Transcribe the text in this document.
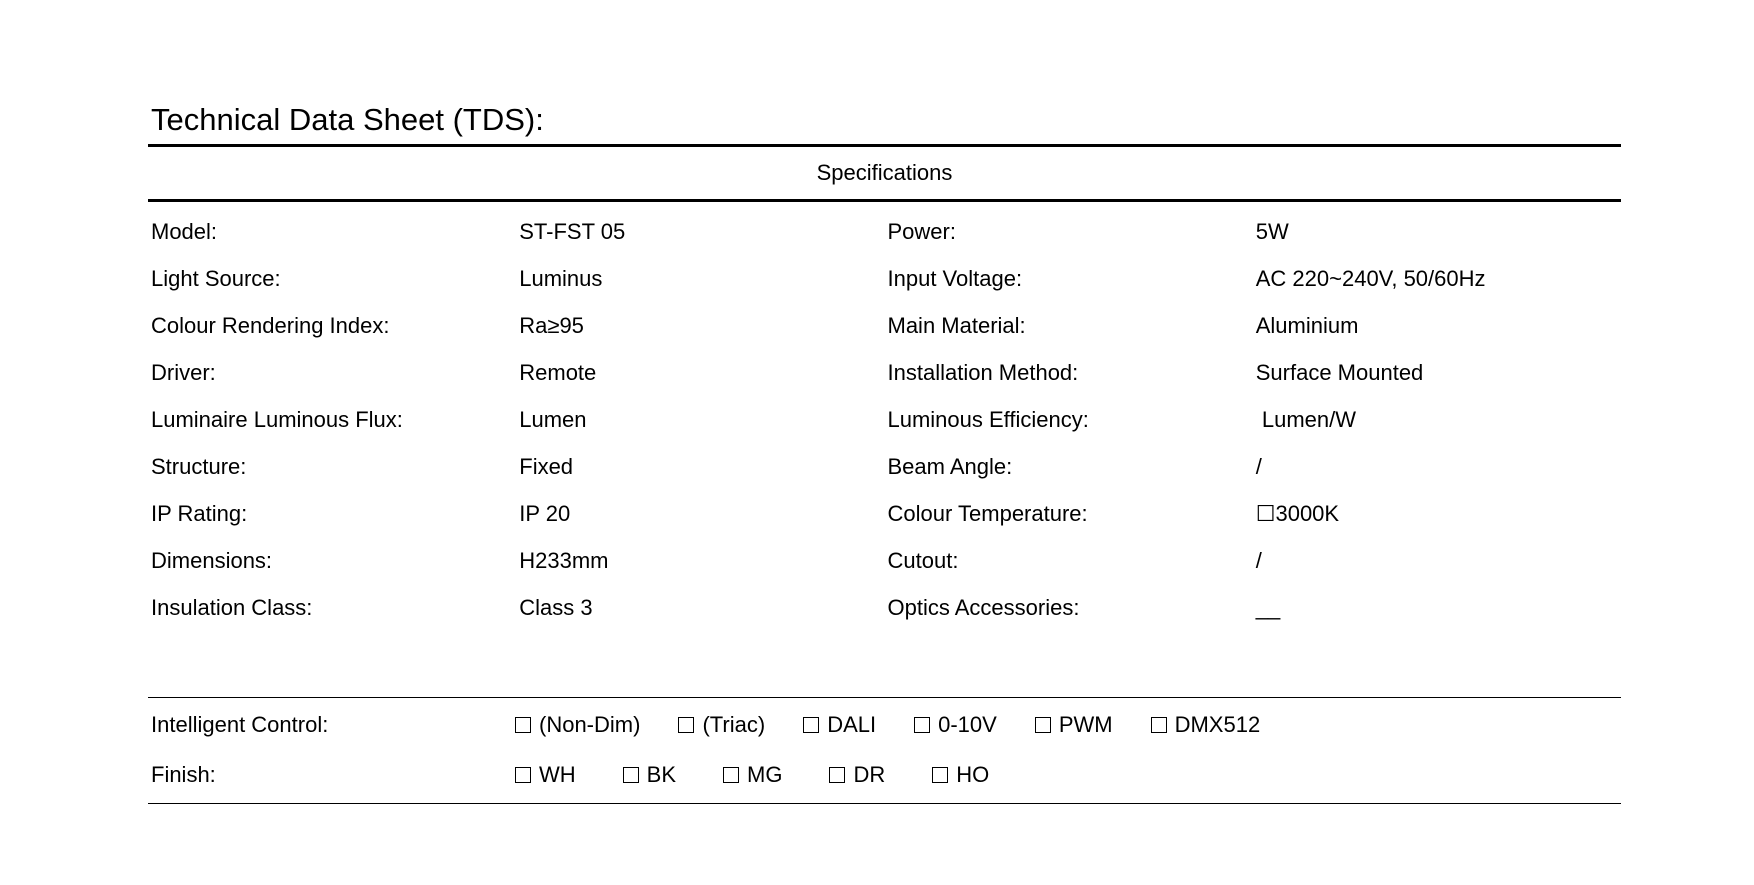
Technical Data Sheet (TDS):
Specifications
Model:	ST-FST 05	Power:	5W
Light Source:	Luminus	Input Voltage:	AC 220~240V, 50/60Hz
Colour Rendering Index:	Ra≥95	Main Material:	Aluminium
Driver:	Remote	Installation Method:	Surface Mounted
Luminaire Luminous Flux:	Lumen	Luminous Efficiency:	Lumen/W
Structure:	Fixed	Beam Angle:	/
IP Rating:	IP 20	Colour Temperature:	☐3000K
Dimensions:	H233mm	Cutout:	/
Insulation Class:	Class 3	Optics Accessories:	__
Intelligent Control:	(Non-Dim)	(Triac)	DALI	0-10V	PWM	DMX512
Finish:	WH	BK	MG	DR	HO
